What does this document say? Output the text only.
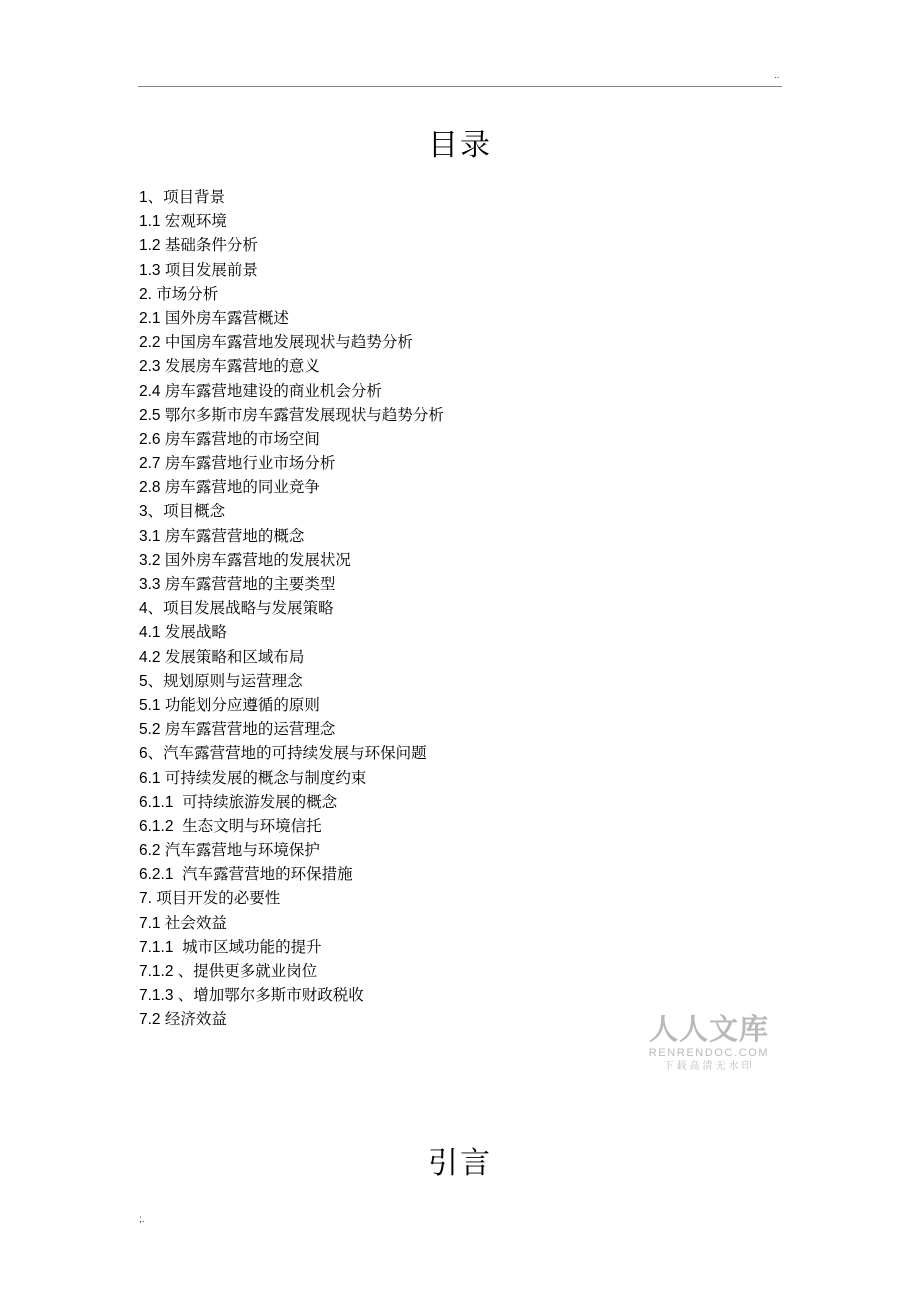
..
目录
1、项目背景
1.1 宏观环境
1.2 基础条件分析
1.3 项目发展前景
2. 市场分析
2.1 国外房车露营概述
2.2 中国房车露营地发展现状与趋势分析
2.3 发展房车露营地的意义
2.4 房车露营地建设的商业机会分析
2.5 鄂尔多斯市房车露营发展现状与趋势分析
2.6 房车露营地的市场空间
2.7 房车露营地行业市场分析
2.8 房车露营地的同业竞争
3、项目概念
3.1 房车露营营地的概念
3.2 国外房车露营地的发展状况
3.3 房车露营营地的主要类型
4、项目发展战略与发展策略
4.1 发展战略
4.2 发展策略和区域布局
5、规划原则与运营理念
5.1 功能划分应遵循的原则
5.2 房车露营营地的运营理念
6、汽车露营营地的可持续发展与环保问题
6.1 可持续发展的概念与制度约束
6.1.1  可持续旅游发展的概念
6.1.2  生态文明与环境信托
6.2 汽车露营地与环境保护
6.2.1  汽车露营营地的环保措施
7. 项目开发的必要性
7.1 社会效益
7.1.1  城市区域功能的提升
7.1.2 、提供更多就业岗位
7.1.3 、增加鄂尔多斯市财政税收
7.2 经济效益	人人文库
RENRENDOC.COM
下载高清无水印
引言
;.
